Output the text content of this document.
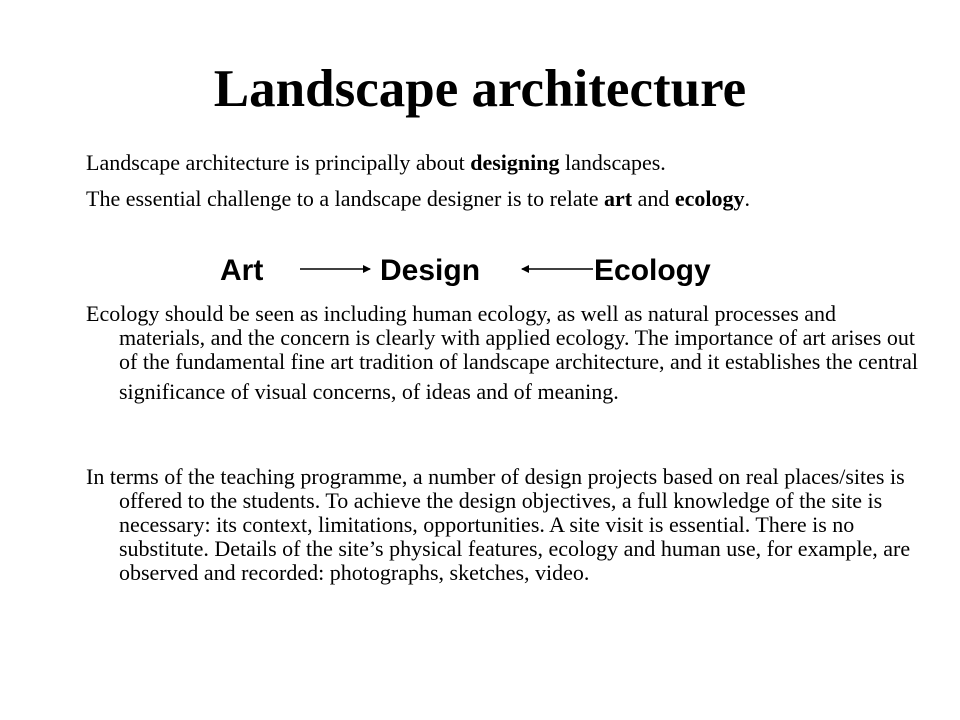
Landscape architecture
Landscape architecture is principally about designing landscapes.
The essential challenge to a landscape designer is to relate art and ecology.
Art	Design	Ecology
Ecology should be seen as including human ecology, as well as natural processes and materials, and the concern is clearly with applied ecology. The importance of art arises out of the fundamental fine art tradition of landscape architecture, and it establishes the central
significance of visual concerns, of ideas and of meaning.
In terms of the teaching programme, a number of design projects based on real places/sites is offered to the students. To achieve the design objectives, a full knowledge of the site is necessary: its context, limitations, opportunities. A site visit is essential. There is no substitute. Details of the site’s physical features, ecology and human use, for example, are observed and recorded: photographs, sketches, video.
